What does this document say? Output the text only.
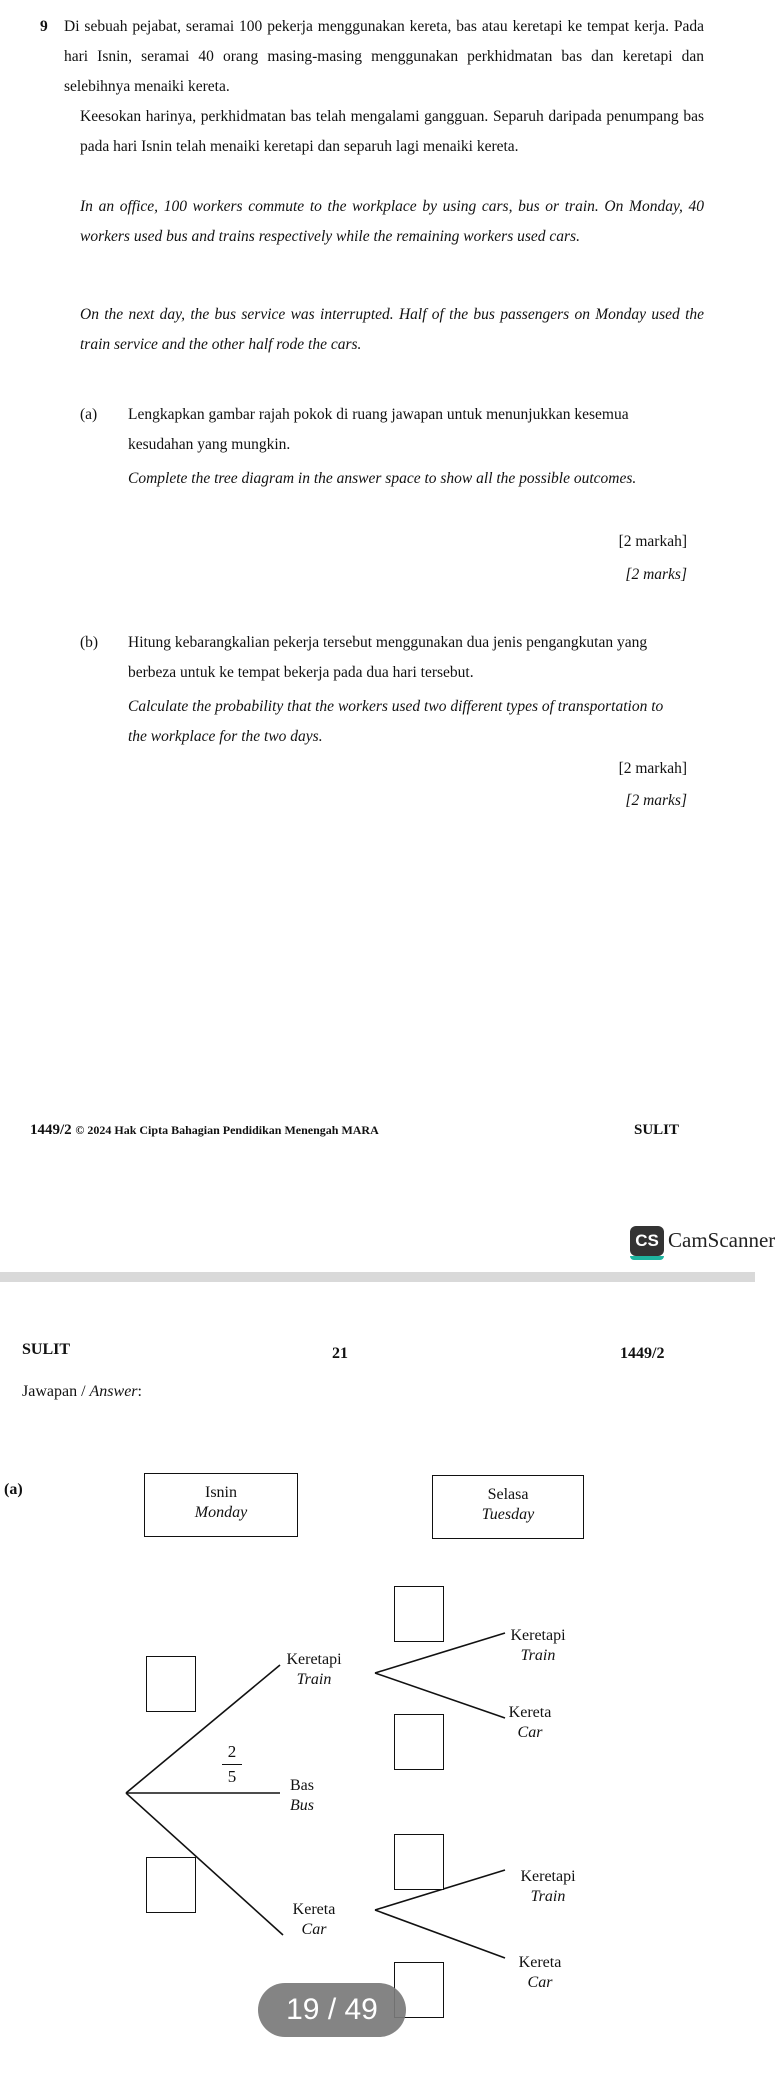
9 Di sebuah pejabat, seramai 100 pekerja menggunakan kereta, bas atau keretapi ke tempat kerja. Pada hari Isnin, seramai 40 orang masing-masing menggunakan perkhidmatan bas dan keretapi dan selebihnya menaiki kereta.

Keesokan harinya, perkhidmatan bas telah mengalami gangguan. Separuh daripada penumpang bas pada hari Isnin telah menaiki keretapi dan separuh lagi menaiki kereta.

In an office, 100 workers commute to the workplace by using cars, bus or train. On Monday, 40 workers used bus and trains respectively while the remaining workers used cars.

On the next day, the bus service was interrupted. Half of the bus passengers on Monday used the train service and the other half rode the cars.

(a) Lengkapkan gambar rajah pokok di ruang jawapan untuk menunjukkan kesemua kesudahan yang mungkin.

Complete the tree diagram in the answer space to show all the possible outcomes.

[2 markah]
[2 marks]
(b) Hitung kebarangkalian pekerja tersebut menggunakan dua jenis pengangkutan yang berbeza untuk ke tempat bekerja pada dua hari tersebut.

Calculate the probability that the workers used two different types of transportation to the workplace for the two days.

[2 markah]
[2 marks]
1449/2 © 2024 Hak Cipta Bahagian Pendidikan Menengah MARA	SULIT
CS CamScanner
SULIT	21	1449/2
Jawapan / Answer:
(a)	Isnin
Monday
Selasa
Tuesday
2
5
Keretapi
Train
Bas
Bus
Kereta
Car
Keretapi
Train
Kereta
Car
Keretapi
Train
Kereta
Car
19 / 49
